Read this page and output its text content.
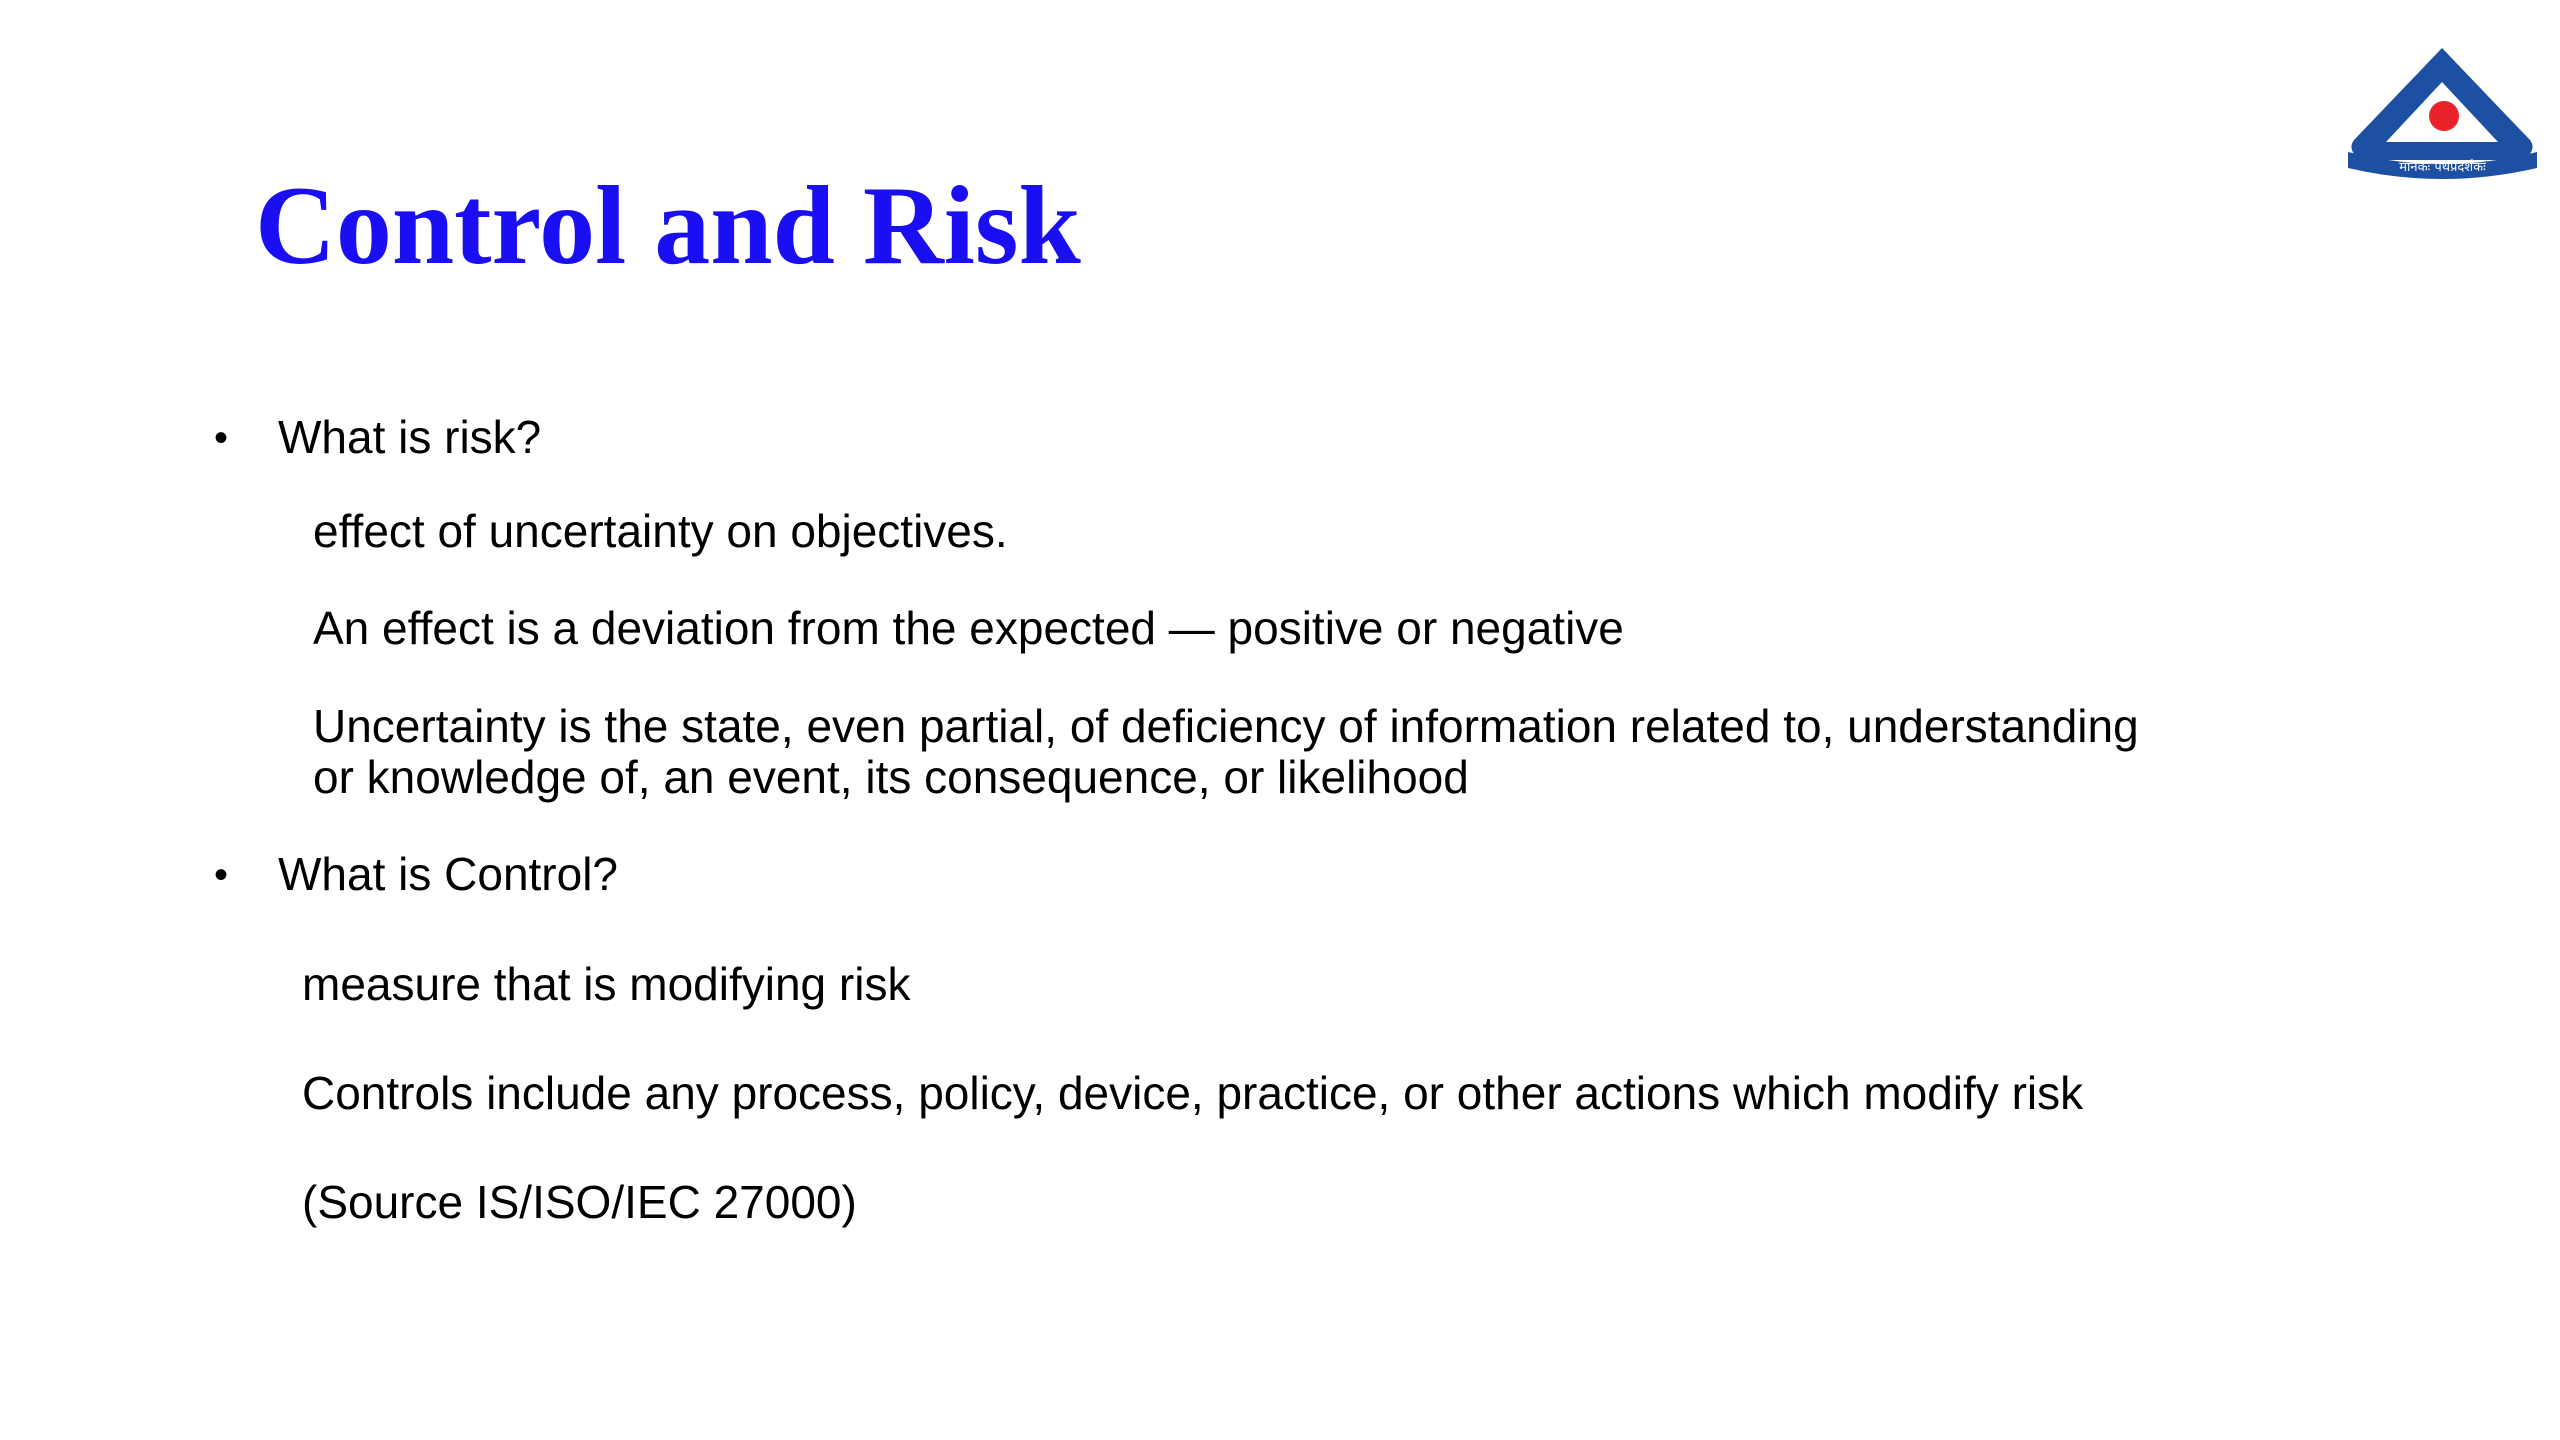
मानकः पथप्रदर्शकः
Control and Risk
• What is risk?
effect of uncertainty on objectives.
An effect is a deviation from the expected — positive or negative
Uncertainty is the state, even partial, of deficiency of information related to, understanding
or knowledge of, an event, its consequence, or likelihood
• What is Control?
measure that is modifying risk
Controls include any process, policy, device, practice, or other actions which modify risk
(Source IS/ISO/IEC 27000)
